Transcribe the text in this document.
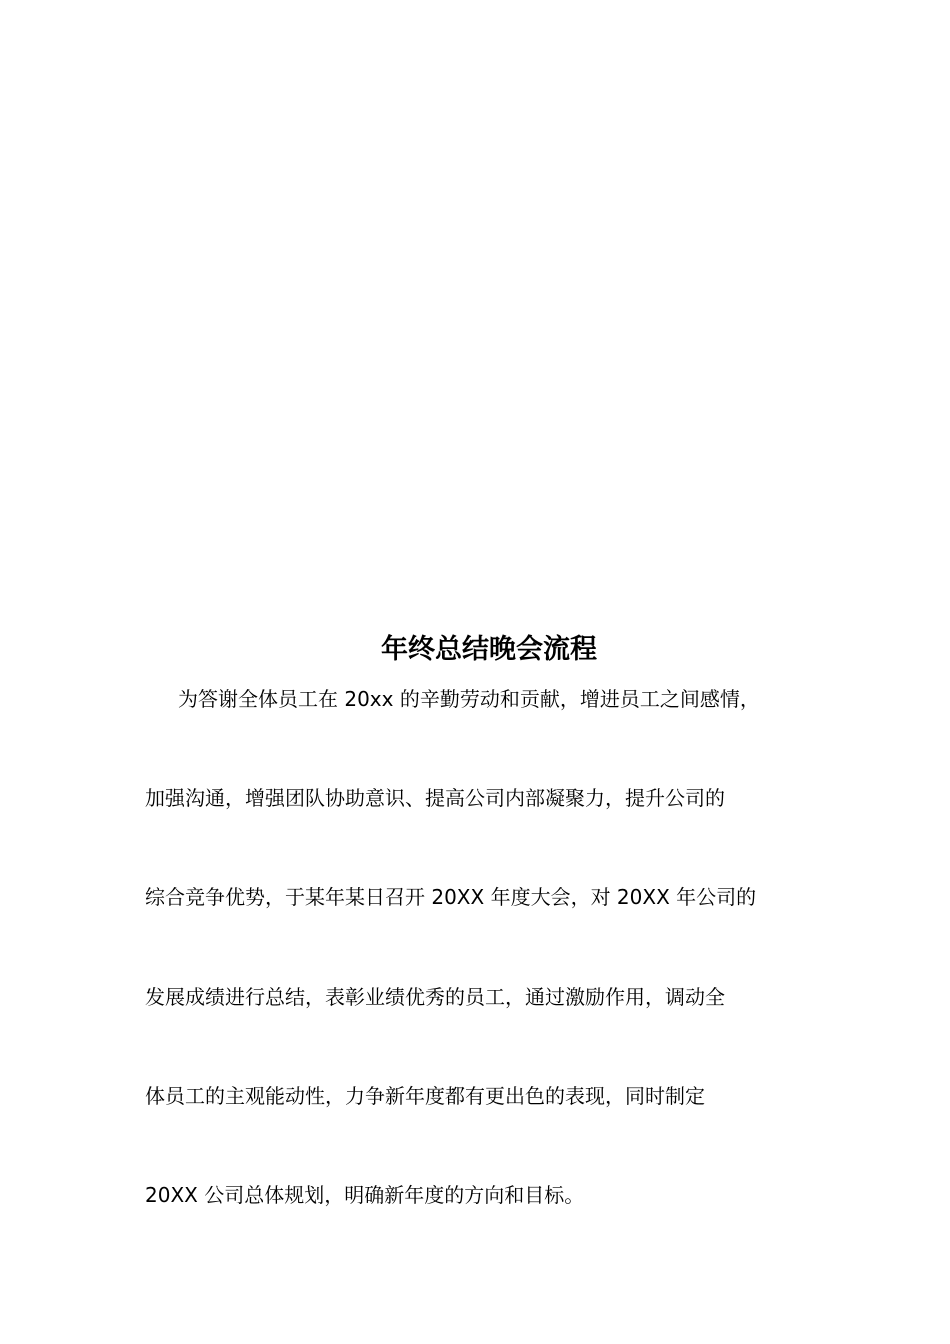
年终总结晚会流程
为答谢全体员工在 20xx 的辛勤劳动和贡献，增进员工之间感情，
加强沟通，增强团队协助意识、提高公司内部凝聚力，提升公司的
综合竞争优势，于某年某日召开 20XX 年度大会，对 20XX 年公司的
发展成绩进行总结，表彰业绩优秀的员工，通过激励作用，调动全
体员工的主观能动性，力争新年度都有更出色的表现，同时制定
20XX 公司总体规划，明确新年度的方向和目标。
